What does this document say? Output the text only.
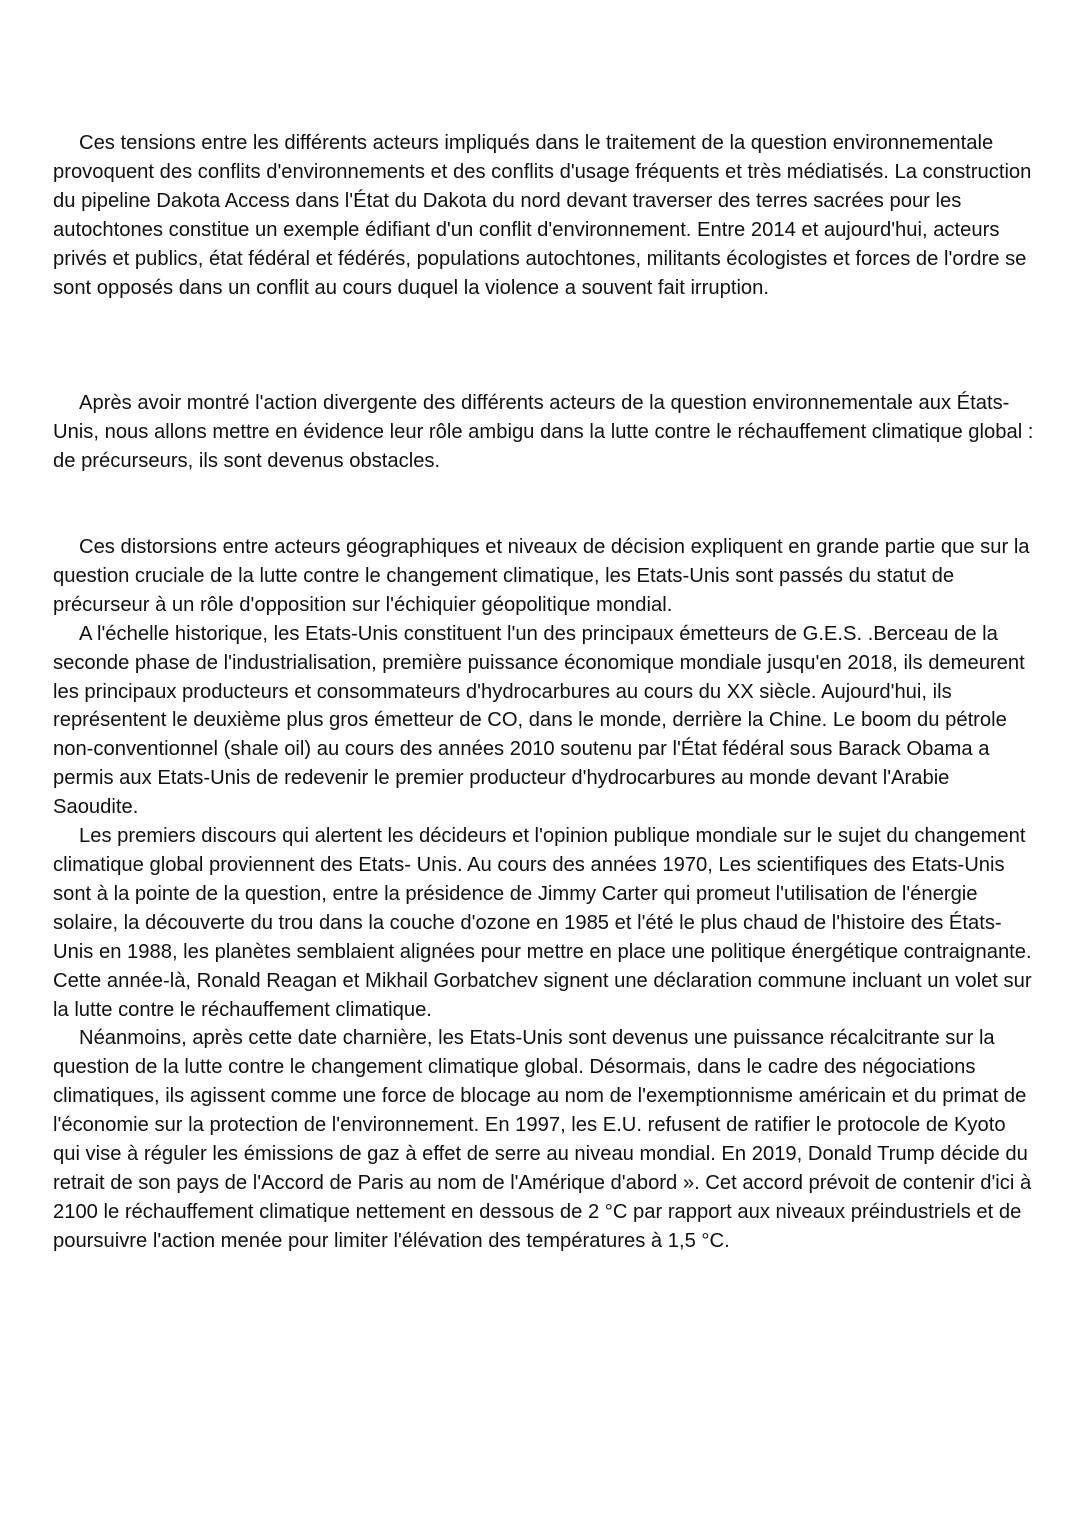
Ces tensions entre les différents acteurs impliqués dans le traitement de la question environnementale provoquent des conflits d'environnements et des conflits d'usage fréquents et très médiatisés. La construction du pipeline Dakota Access dans l'État du Dakota du nord devant traverser des terres sacrées pour les autochtones constitue un exemple édifiant d'un conflit d'environnement. Entre 2014 et aujourd'hui, acteurs privés et publics, état fédéral et fédérés, populations autochtones, militants écologistes et forces de l'ordre se sont opposés dans un conflit au cours duquel la violence a souvent fait irruption.

Après avoir montré l'action divergente des différents acteurs de la question environnementale aux États-Unis, nous allons mettre en évidence leur rôle ambigu dans la lutte contre le réchauffement climatique global : de précurseurs, ils sont devenus obstacles.

Ces distorsions entre acteurs géographiques et niveaux de décision expliquent en grande partie que sur la question cruciale de la lutte contre le changement climatique, les Etats-Unis sont passés du statut de précurseur à un rôle d'opposition sur l'échiquier géopolitique mondial.

A l'échelle historique, les Etats-Unis constituent l'un des principaux émetteurs de G.E.S. .Berceau de la seconde phase de l'industrialisation, première puissance économique mondiale jusqu'en 2018, ils demeurent les principaux producteurs et consommateurs d'hydrocarbures au cours du XX siècle. Aujourd'hui, ils représentent le deuxième plus gros émetteur de CO, dans le monde, derrière la Chine. Le boom du pétrole non-conventionnel (shale oil) au cours des années 2010 soutenu par l'État fédéral sous Barack Obama a permis aux Etats-Unis de redevenir le premier producteur d'hydrocarbures au monde devant l'Arabie Saoudite.

Les premiers discours qui alertent les décideurs et l'opinion publique mondiale sur le sujet du changement climatique global proviennent des Etats- Unis. Au cours des années 1970, Les scientifiques des Etats-Unis sont à la pointe de la question, entre la présidence de Jimmy Carter qui promeut l'utilisation de l'énergie solaire, la découverte du trou dans la couche d'ozone en 1985 et l'été le plus chaud de l'histoire des États-Unis en 1988, les planètes semblaient alignées pour mettre en place une politique énergétique contraignante. Cette année-là, Ronald Reagan et Mikhail Gorbatchev signent une déclaration commune incluant un volet sur la lutte contre le réchauffement climatique.

Néanmoins, après cette date charnière, les Etats-Unis sont devenus une puissance récalcitrante sur la question de la lutte contre le changement climatique global. Désormais, dans le cadre des négociations climatiques, ils agissent comme une force de blocage au nom de l'exemptionnisme américain et du primat de l'économie sur la protection de l'environnement. En 1997, les E.U. refusent de ratifier le protocole de Kyoto qui vise à réguler les émissions de gaz à effet de serre au niveau mondial. En 2019, Donald Trump décide du retrait de son pays de l'Accord de Paris au nom de l'Amérique d'abord ». Cet accord prévoit de contenir d'ici à 2100 le réchauffement climatique nettement en dessous de 2 °C par rapport aux niveaux préindustriels et de poursuivre l'action menée pour limiter l'élévation des températures à 1,5 °C.
